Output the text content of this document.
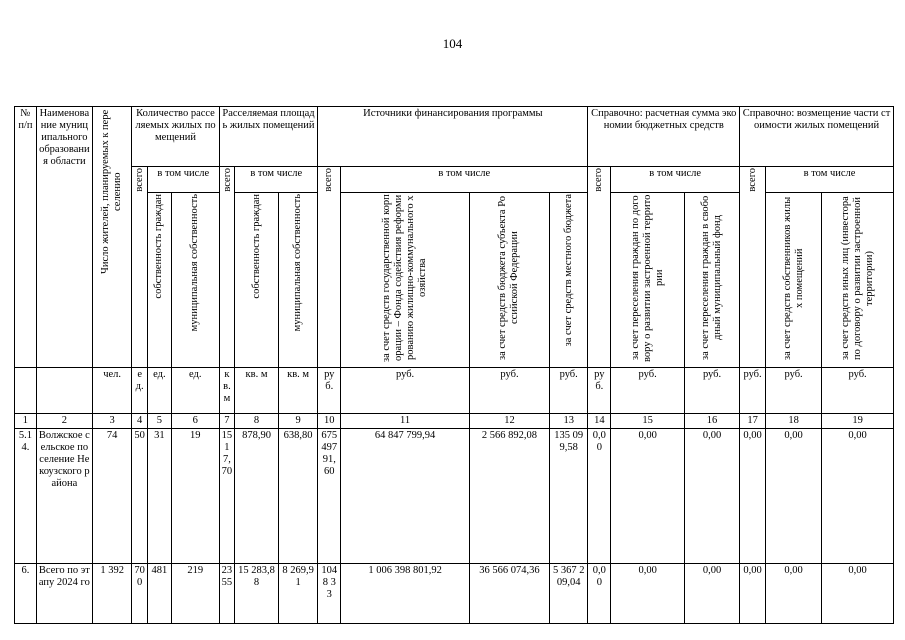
104
№ п/п	Наименование муниципального образования области	Число жителей, планируемых к переселению	Количество расселяемых жилых помещений			Расселяемая площадь жилых помещений			Источники финансирования программы				Справочно: расчетная сумма экономии бюджетных средств			Справочно: возмещение части стоимости жилых помещений		
			всего	в том числе		всего	в том числе		всего	в том числе			всего	в том числе		всего	в том числе	
				собственность граждан	муниципальная собственность		собственность граждан	муниципальная собственность		за счет средств государственной корпорации – Фонда содействия реформированию жилищно-коммунального хозяйства	за счет средств бюджета субъекта Российской Федерации	за счет средств местного бюджета		за счет переселения граждан по договору о развитии застроенной территории	за счет переселения граждан в свободный муниципальный фонд		за счет средств собственников жилых помещений	за счет средств иных лиц (инвестора по договору о развитии застроенной территории)
		чел.	ед.	ед.	ед.	кв. м	кв. м	кв. м	руб.	руб.	руб.	руб.	руб.	руб.	руб.	руб.	руб.	руб.
1	2	3	4	5	6	7	8	9	10	11	12	13	14	15	16	17	18	19
5.14.	Волжское сельское поселение Некоузского района	74	50	31	19	1517,70	878,90	638,80	67549791,60	64 847 799,94	2 566 892,08	135 099,58	0,00	0,00	0,00	0,00	0,00	0,00
6.	Всего по этапу 2024 го	1 392	700	481	219	2355	15 283,88	8 269,91	1048 33	1 006 398 801,92	36 566 074,36	5 367 209,04	0,00	0,00	0,00	0,00	0,00	0,00
